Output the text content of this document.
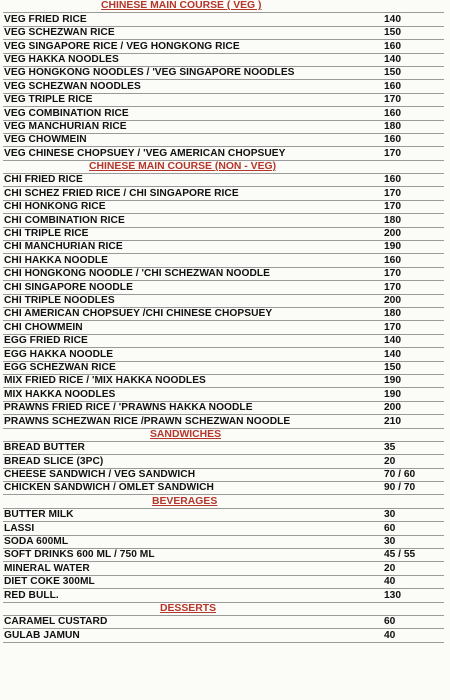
CHINESE MAIN COURSE ( VEG )
VEG FRIED RICE	140
VEG SCHEZWAN RICE	150
VEG SINGAPORE RICE / VEG HONGKONG RICE	160
VEG HAKKA NOODLES	140
VEG HONGKONG NOODLES / 'VEG SINGAPORE NOODLES	150
VEG SCHEZWAN NOODLES	160
VEG TRIPLE RICE	170
VEG COMBINATION RICE	160
VEG MANCHURIAN RICE	180
VEG CHOWMEIN	160
VEG CHINESE CHOPSUEY / 'VEG AMERICAN CHOPSUEY	170
CHINESE MAIN COURSE (NON - VEG)
CHI FRIED RICE	160
CHI SCHEZ FRIED RICE / CHI SINGAPORE RICE	170
CHI HONKONG RICE	170
CHI COMBINATION RICE	180
CHI TRIPLE RICE	200
CHI MANCHURIAN RICE	190
CHI HAKKA NOODLE	160
CHI HONGKONG NOODLE / 'CHI SCHEZWAN NOODLE	170
CHI SINGAPORE NOODLE	170
CHI TRIPLE NOODLES	200
CHI AMERICAN CHOPSUEY /CHI CHINESE CHOPSUEY	180
CHI CHOWMEIN	170
EGG FRIED RICE	140
EGG HAKKA NOODLE	140
EGG SCHEZWAN RICE	150
MIX FRIED RICE / 'MIX HAKKA NOODLES	190
MIX HAKKA NOODLES	190
PRAWNS FRIED RICE / 'PRAWNS HAKKA NOODLE	200
PRAWNS SCHEZWAN RICE /PRAWN SCHEZWAN NOODLE	210
SANDWICHES
BREAD BUTTER	35
BREAD SLICE (3PC)	20
CHEESE SANDWICH / VEG SANDWICH	70 / 60
CHICKEN SANDWICH / OMLET SANDWICH	90 / 70
BEVERAGES
BUTTER MILK	30
LASSI	60
SODA 600ML	30
SOFT DRINKS 600 ML / 750 ML	45 / 55
MINERAL WATER	20
DIET COKE 300ML	40
RED BULL.	130
DESSERTS
CARAMEL CUSTARD	60
GULAB JAMUN	40
